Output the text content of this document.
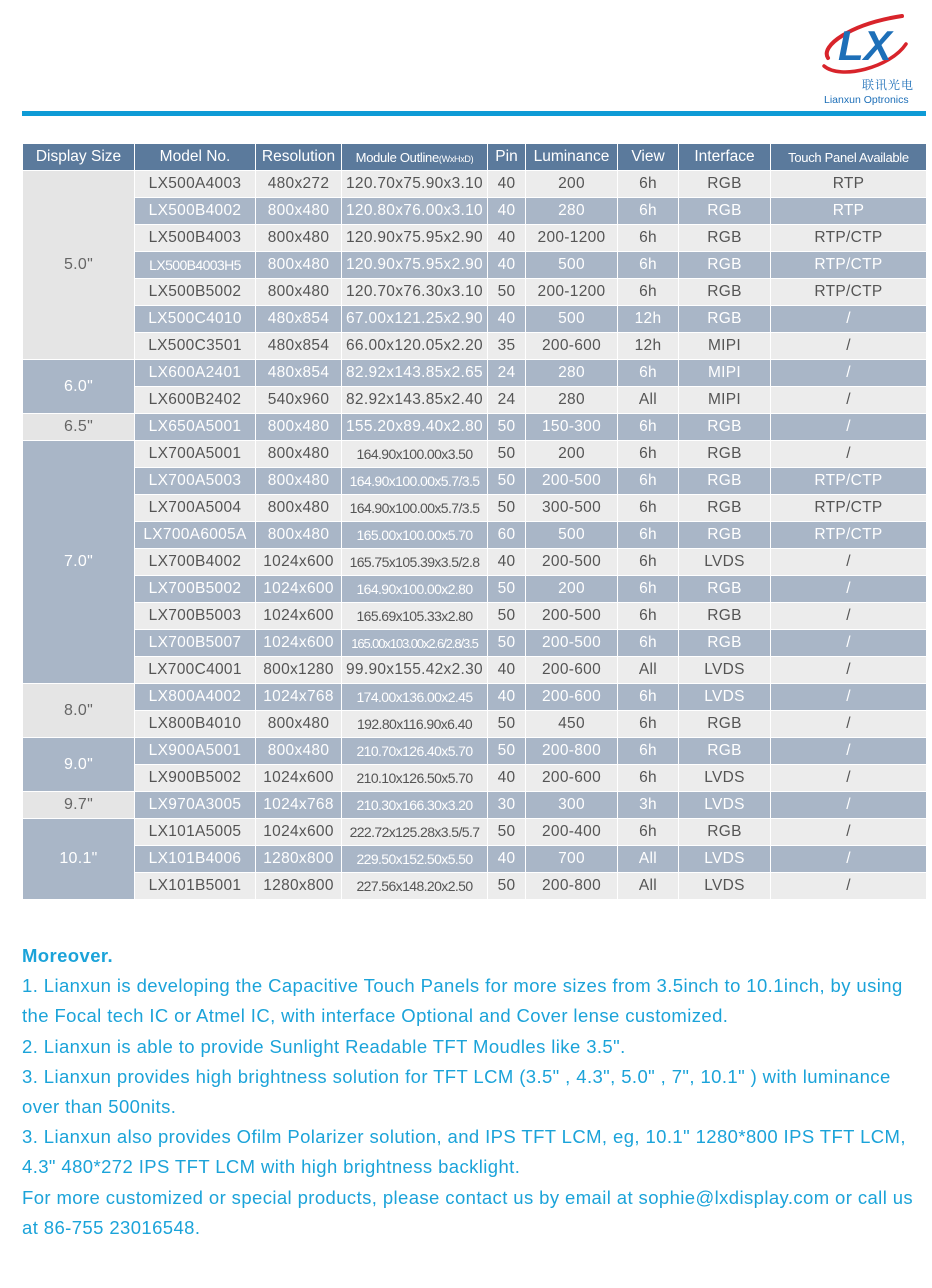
LX
联讯光电
Lianxun Optronics
Display Size	Model No.	Resolution	Module Outline(WxHxD)	Pin	Luminance	View	Interface	Touch Panel Available
5.0"	LX500A4003	480x272	120.70x75.90x3.10	40	200	6h	RGB	RTP
	LX500B4002	800x480	120.80x76.00x3.10	40	280	6h	RGB	RTP
	LX500B4003	800x480	120.90x75.95x2.90	40	200-1200	6h	RGB	RTP/CTP
	LX500B4003H5	800x480	120.90x75.95x2.90	40	500	6h	RGB	RTP/CTP
	LX500B5002	800x480	120.70x76.30x3.10	50	200-1200	6h	RGB	RTP/CTP
	LX500C4010	480x854	67.00x121.25x2.90	40	500	12h	RGB	/
	LX500C3501	480x854	66.00x120.05x2.20	35	200-600	12h	MIPI	/
6.0"	LX600A2401	480x854	82.92x143.85x2.65	24	280	6h	MIPI	/
	LX600B2402	540x960	82.92x143.85x2.40	24	280	All	MIPI	/
6.5"	LX650A5001	800x480	155.20x89.40x2.80	50	150-300	6h	RGB	/
7.0"	LX700A5001	800x480	164.90x100.00x3.50	50	200	6h	RGB	/
	LX700A5003	800x480	164.90x100.00x5.7/3.5	50	200-500	6h	RGB	RTP/CTP
	LX700A5004	800x480	164.90x100.00x5.7/3.5	50	300-500	6h	RGB	RTP/CTP
	LX700A6005A	800x480	165.00x100.00x5.70	60	500	6h	RGB	RTP/CTP
	LX700B4002	1024x600	165.75x105.39x3.5/2.8	40	200-500	6h	LVDS	/
	LX700B5002	1024x600	164.90x100.00x2.80	50	200	6h	RGB	/
	LX700B5003	1024x600	165.69x105.33x2.80	50	200-500	6h	RGB	/
	LX700B5007	1024x600	165.00x103.00x2.6/2.8/3.5	50	200-500	6h	RGB	/
	LX700C4001	800x1280	99.90x155.42x2.30	40	200-600	All	LVDS	/
8.0"	LX800A4002	1024x768	174.00x136.00x2.45	40	200-600	6h	LVDS	/
	LX800B4010	800x480	192.80x116.90x6.40	50	450	6h	RGB	/
9.0"	LX900A5001	800x480	210.70x126.40x5.70	50	200-800	6h	RGB	/
	LX900B5002	1024x600	210.10x126.50x5.70	40	200-600	6h	LVDS	/
9.7"	LX970A3005	1024x768	210.30x166.30x3.20	30	300	3h	LVDS	/
10.1"	LX101A5005	1024x600	222.72x125.28x3.5/5.7	50	200-400	6h	RGB	/
	LX101B4006	1280x800	229.50x152.50x5.50	40	700	All	LVDS	/
	LX101B5001	1280x800	227.56x148.20x2.50	50	200-800	All	LVDS	/

Moreover.

1. Lianxun is developing the Capacitive Touch Panels for more sizes from 3.5inch to 10.1inch, by using the Focal tech IC or Atmel IC, with interface Optional and Cover lense customized.

2. Lianxun is able to provide Sunlight Readable TFT Moudles like 3.5".

3. Lianxun provides high brightness solution for TFT LCM (3.5" , 4.3", 5.0" , 7", 10.1" ) with luminance over than 500nits.

3. Lianxun also provides Ofilm Polarizer solution, and IPS TFT LCM, eg, 10.1" 1280*800 IPS TFT LCM, 4.3" 480*272 IPS TFT LCM with high brightness backlight.

For more customized or special products, please contact us by email at sophie@lxdisplay.com or call us at 86-755 23016548.
